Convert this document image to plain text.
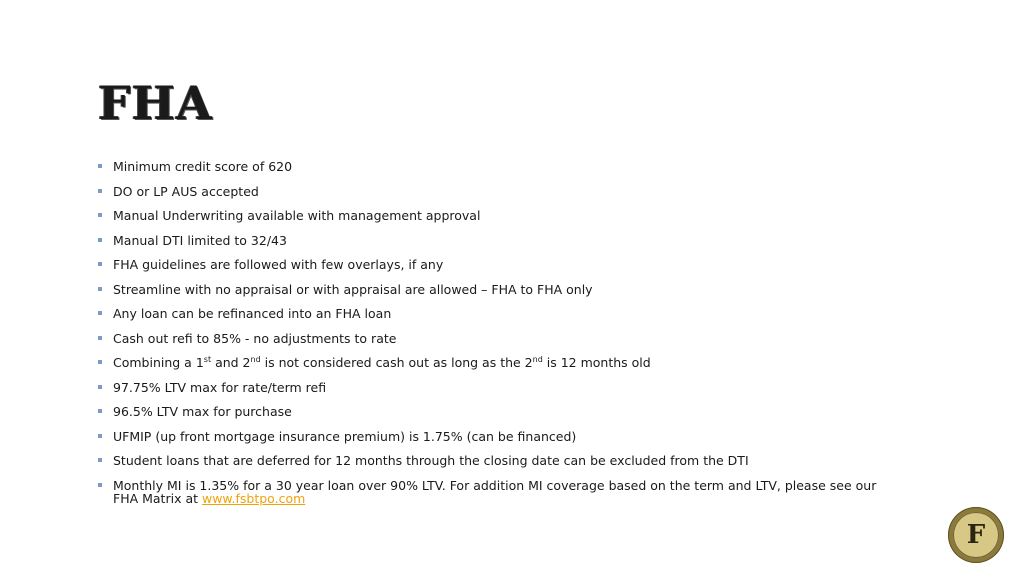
FHA
Minimum credit score of 620
DO or LP AUS accepted
Manual Underwriting available with management approval
Manual DTI limited to 32/43
FHA guidelines are followed with few overlays, if any
Streamline with no appraisal or with appraisal are allowed – FHA to FHA only
Any loan can be refinanced into an FHA loan
Cash out refi to 85% - no adjustments to rate
Combining a 1st and 2nd is not considered cash out as long as the 2nd is 12 months old
97.75% LTV max for rate/term refi
96.5% LTV max for purchase
UFMIP (up front mortgage insurance premium) is 1.75% (can be financed)
Student loans that are deferred for 12 months through the closing date can be excluded from the DTI
Monthly MI is 1.35% for a 30 year loan over 90% LTV. For addition MI coverage based on the term and LTV, please see our FHA Matrix at www.fsbtpo.com
F
